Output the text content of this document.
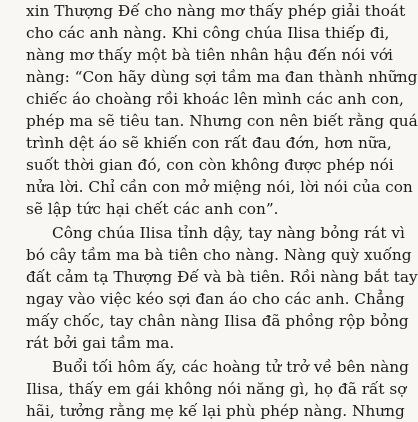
xin Thượng Đế cho nàng mơ thấy phép giải thoát
cho các anh nàng. Khi công chúa Ilisa thiếp đi,
nàng mơ thấy một bà tiên nhân hậu đến nói với
nàng: “Con hãy dùng sợi tầm ma đan thành những
chiếc áo choàng rồi khoác lên mình các anh con,
phép ma sẽ tiêu tan. Nhưng con nên biết rằng quá
trình dệt áo sẽ khiến con rất đau đớn, hơn nữa,
suốt thời gian đó, con còn không được phép nói
nửa lời. Chỉ cần con mở miệng nói, lời nói của con
sẽ lập tức hại chết các anh con”.
Công chúa Ilisa tỉnh dậy, tay nàng bỏng rát vì
bó cây tầm ma bà tiên cho nàng. Nàng quỳ xuống
đất cảm tạ Thượng Đế và bà tiên. Rồi nàng bắt tay
ngay vào việc kéo sợi đan áo cho các anh. Chẳng
mấy chốc, tay chân nàng Ilisa đã phồng rộp bỏng
rát bởi gai tầm ma.
Buổi tối hôm ấy, các hoàng tử trở về bên nàng
Ilisa, thấy em gái không nói năng gì, họ đã rất sợ
hãi, tưởng rằng mẹ kế lại phù phép nàng. Nhưng
